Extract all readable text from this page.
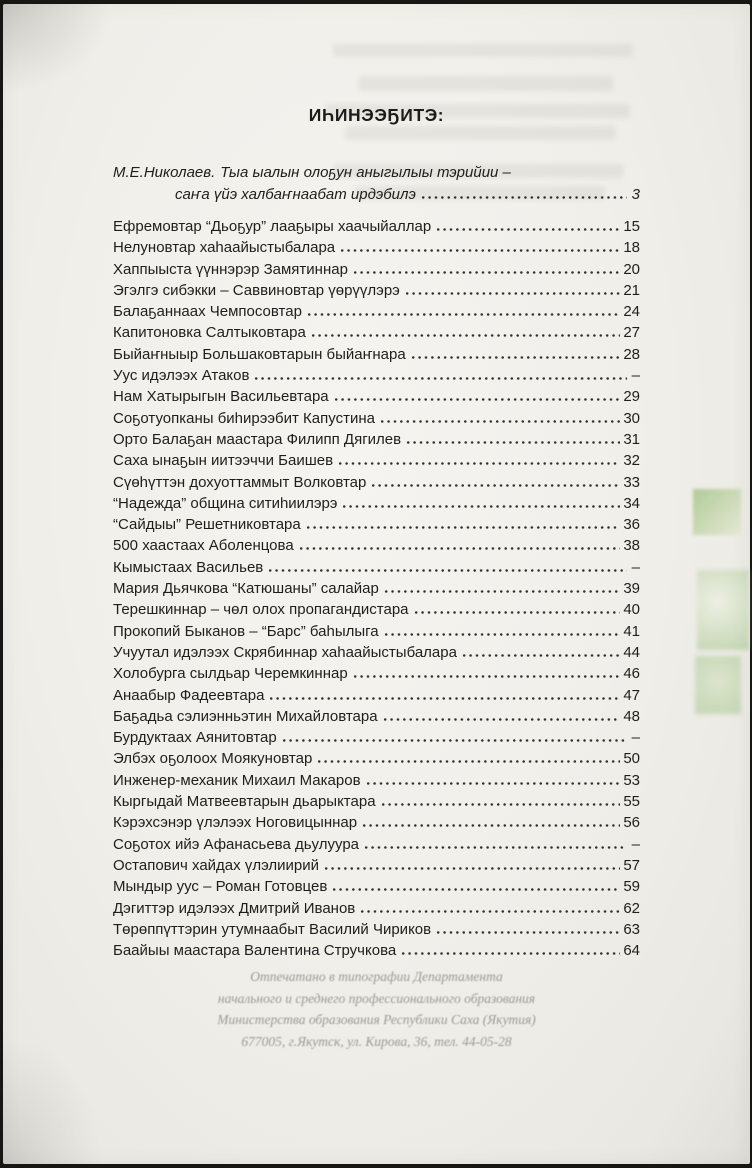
ИҺИНЭЭҔИТЭ:
М.Е.Николаев. Тыа ыалын олоҕун аныгылыы тэрийии –
саҥа үйэ халбаҥнаабат ирдэбилэ	3
Ефремовтар “Дьоҕур” лааҕыры хаачыйаллар	15
Нелуновтар хаһаайыстыбалара	18
Хаппыыста үүннэрэр Замятиннар	20
Эгэлгэ сибэкки – Саввиновтар үөрүүлэрэ	21
Балаҕаннаах Чемпосовтар	24
Капитоновка Салтыковтара	27
Быйаҥныыр Большаковтарын быйаҥнара	28
Уус идэлээх Атаков	–
Нам Хатырыгын Васильевтара	29
Соҕотуопканы биһирээбит Капустина	30
Орто Балаҕан маастара Филипп Дягилев	31
Саха ынаҕын иитээччи Баишев	32
Сүөһүттэн дохуоттаммыт Волковтар	33
“Надежда” община ситиһиилэрэ	34
“Сайдыы” Решетниковтара	36
500 хаастаах Аболенцова	38
Кымыстаах Васильев	–
Мария Дьячкова “Катюшаны” салайар	39
Терешкиннар – чөл олох пропагандистара	40
Прокопий Быканов – “Барс” баһылыга	41
Учуутал идэлээх Скрябиннар хаһаайыстыбалара	44
Холобурга сылдьар Черемкиннар	46
Анаабыр Фадеевтара	47
Баҕадьа сэлиэнньэтин Михайловтара	48
Бурдуктаах Аянитовтар	–
Элбэх оҕолоох Моякуновтар	50
Инженер-механик Михаил Макаров	53
Кыргыдай Матвеевтарын дьарыктара	55
Кэрэхсэнэр үлэлээх Ноговицыннар	56
Соҕотох ийэ Афанасьева дьулуура	–
Остапович хайдах үлэлиирий	57
Мындыр уус – Роман Готовцев	59
Дэгиттэр идэлээх Дмитрий Иванов	62
Төрөппүттэрин утумнаабыт Василий Чириков	63
Баайыы маастара Валентина Стручкова	64
Отпечатано в типографии Департамента
начального и среднего профессионального образования
Министерства образования Республики Саха (Якутия)
677005, г.Якутск, ул. Кирова, 36, тел. 44-05-28
